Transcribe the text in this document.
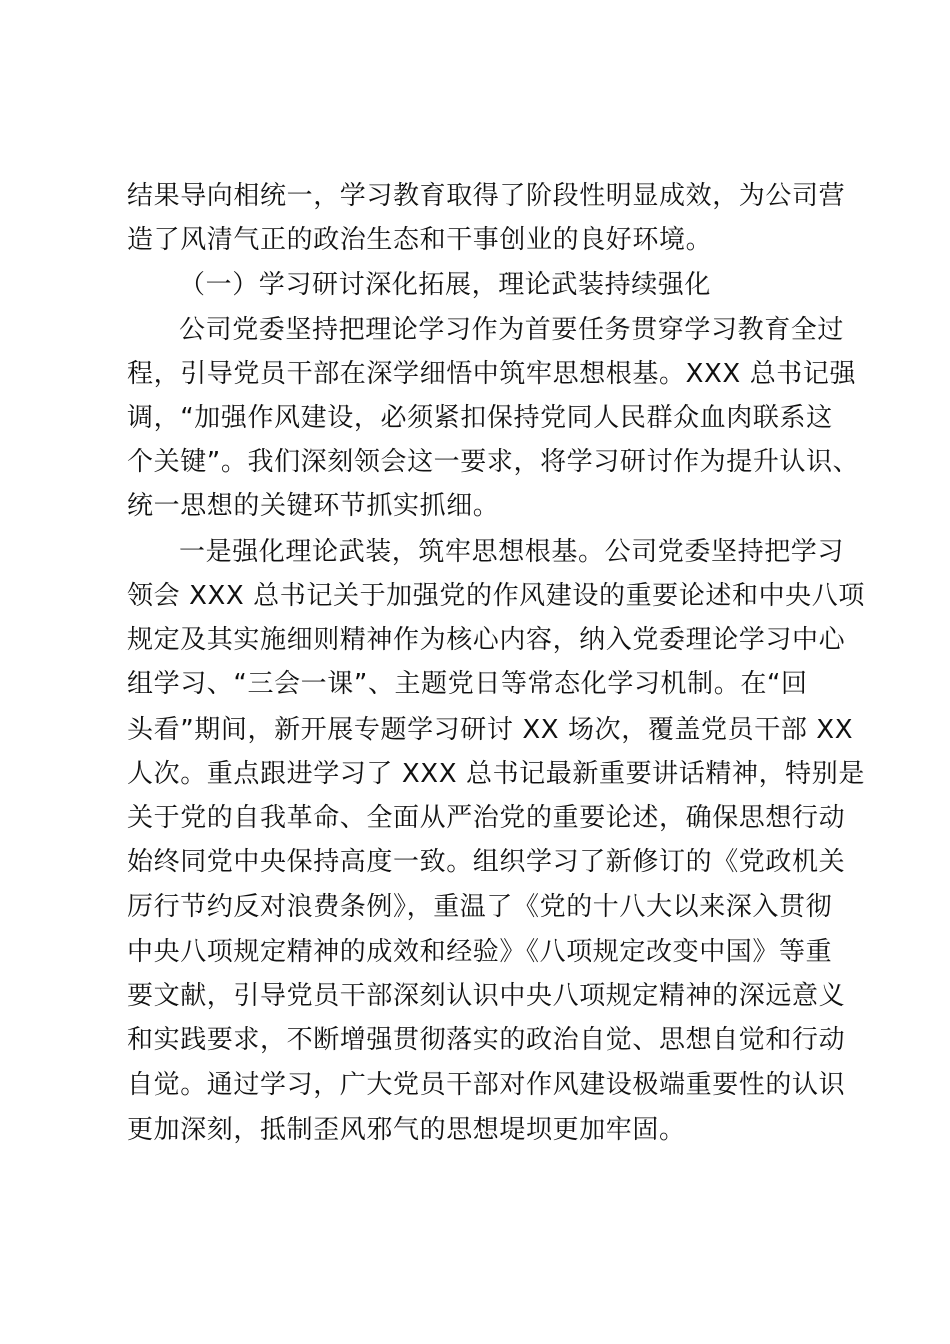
结果导向相统一，学习教育取得了阶段性明显成效，为公司营
造了风清气正的政治生态和干事创业的良好环境。
（一）学习研讨深化拓展，理论武装持续强化
公司党委坚持把理论学习作为首要任务贯穿学习教育全过
程，引导党员干部在深学细悟中筑牢思想根基。XXX 总书记强
调，“加强作风建设，必须紧扣保持党同人民群众血肉联系这
个关键”。我们深刻领会这一要求，将学习研讨作为提升认识、
统一思想的关键环节抓实抓细。
一是强化理论武装，筑牢思想根基。公司党委坚持把学习
领会 XXX 总书记关于加强党的作风建设的重要论述和中央八项
规定及其实施细则精神作为核心内容，纳入党委理论学习中心
组学习、“三会一课”、主题党日等常态化学习机制。在“回
头看”期间，新开展专题学习研讨 XX 场次，覆盖党员干部 XX
人次。重点跟进学习了 XXX 总书记最新重要讲话精神，特别是
关于党的自我革命、全面从严治党的重要论述，确保思想行动
始终同党中央保持高度一致。组织学习了新修订的《党政机关
厉行节约反对浪费条例》，重温了《党的十八大以来深入贯彻
中央八项规定精神的成效和经验》《八项规定改变中国》等重
要文献，引导党员干部深刻认识中央八项规定精神的深远意义
和实践要求，不断增强贯彻落实的政治自觉、思想自觉和行动
自觉。通过学习，广大党员干部对作风建设极端重要性的认识
更加深刻，抵制歪风邪气的思想堤坝更加牢固。
